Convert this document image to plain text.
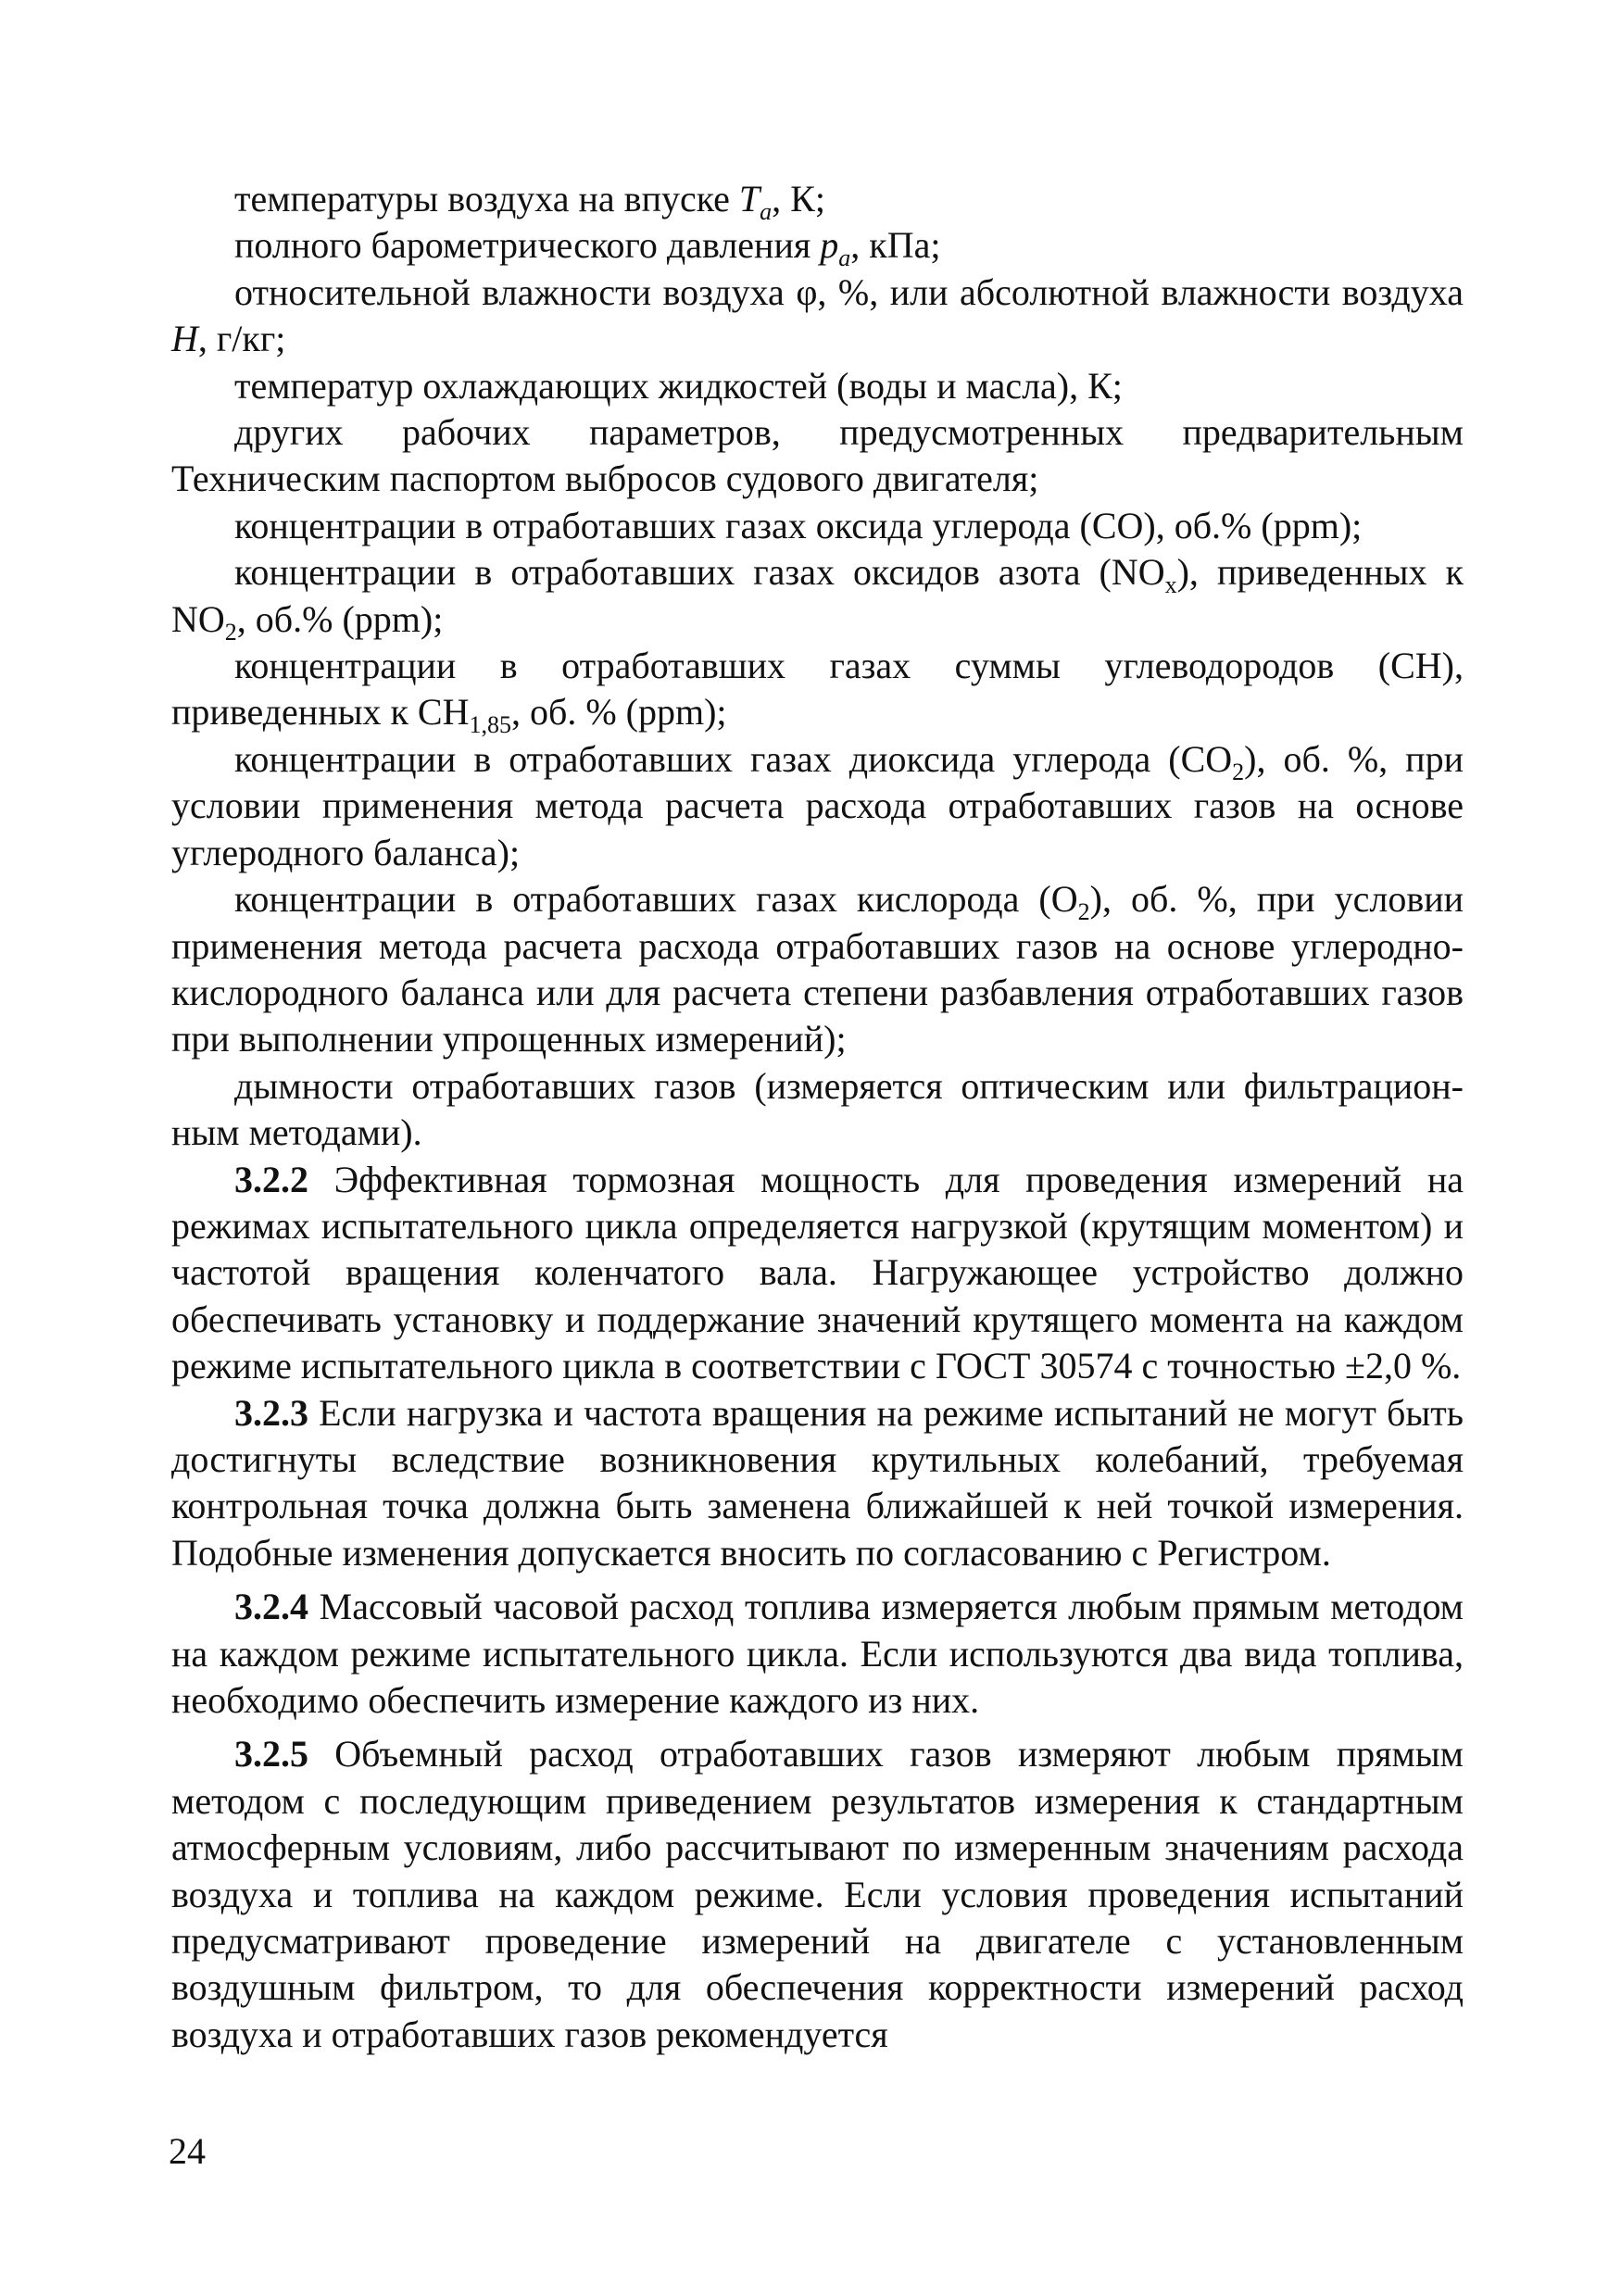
температуры воздуха на впуске $T_a$, К;

полного барометрического давления $p_a$, кПа;

относительной влажности воздуха φ, %, или абсолютной влажности воздуха H, г/кг;

температур охлаждающих жидкостей (воды и масла), К;

других рабочих параметров, предусмотренных предварительным Техническим паспортом выбросов судового двигателя;

концентрации в отработавших газах оксида углерода (CO), об.% (ppm);

концентрации в отработавших газах оксидов азота $(NO_x)$, приведенных к $NO_2$, об.% (ppm);

концентрации в отработавших газах суммы углеводородов (CH), приведенных к $CH_{1,85}$, об. % (ppm);

концентрации в отработавших газах диоксида углерода $(CO_2)$, об. %, при условии применения метода расчета расхода отработавших газов на основе углеродного баланса);

концентрации в отработавших газах кислорода $(O_2)$, об. %, при условии применения метода расчета расхода отработавших газов на основе углеродно-кислородного баланса или для расчета степени разбавления отработавших газов при выполнении упрощенных измерений);

дымности отработавших газов (измеряется оптическим или фильтрацион-ным методами).

3.2.2 Эффективная тормозная мощность для проведения измерений на режимах испытательного цикла определяется нагрузкой (крутящим моментом) и частотой вращения коленчатого вала. Нагружающее устройство должно обеспечивать установку и поддержание значений крутящего момента на каждом режиме испытательного цикла в соответствии с ГОСТ 30574 с точностью ±2,0 %.

3.2.3 Если нагрузка и частота вращения на режиме испытаний не могут быть достигнуты вследствие возникновения крутильных колебаний, требуемая контрольная точка должна быть заменена ближайшей к ней точкой измерения. Подобные изменения допускается вносить по согласованию с Регистром.

3.2.4 Массовый часовой расход топлива измеряется любым прямым методом на каждом режиме испытательного цикла. Если используются два вида топлива, необходимо обеспечить измерение каждого из них.

3.2.5 Объемный расход отработавших газов измеряют любым прямым методом с последующим приведением результатов измерения к стандартным атмосферным условиям, либо рассчитывают по измеренным значениям расхода воздуха и топлива на каждом режиме. Если условия проведения испытаний предусматривают проведение измерений на двигателе с установленным воздушным фильтром, то для обеспечения корректности измерений расход воздуха и отработавших газов рекомендуется

24
